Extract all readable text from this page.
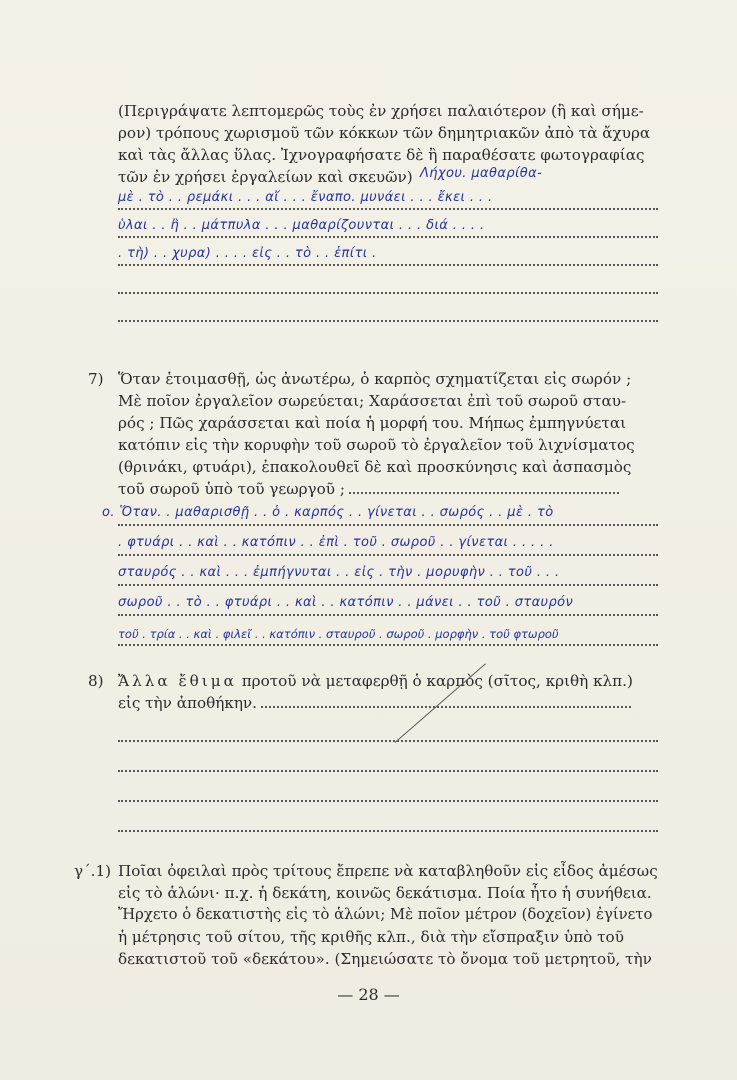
(Περιγράψατε λεπτομερῶς τοὺς ἐν χρήσει παλαιότερον (ἢ καὶ σήμε-

ρον) τρόπους χωρισμοῦ τῶν κόκκων τῶν δημητριακῶν ἀπὸ τὰ ἄχυρα

καὶ τὰς ἄλλας ὕλας. Ἰχνογραφήσατε δὲ ἢ παραθέσατε φωτογραφίας

τῶν ἐν χρήσει ἐργαλείων καὶ σκευῶν) Λήχου. μαθαρίθα-
μὲ . τὸ . . ρεμάκι . . . αἴ . . . ἔναπο. μυνάει . . . ἔκει . . .
ὑλαι . . ἢ . . μάτπυλα . . . μαθαρίζουνται . . . διά . . . .
. τὴ) . . χυρα) . . . . εἰς . . τὸ . . ἑπίτι .
7) Ὅταν ἑτοιμασθῇ, ὡς ἀνωτέρω, ὁ καρπὸς σχηματίζεται εἰς σωρόν ;

Μὲ ποῖον ἐργαλεῖον σωρεύεται; Χαράσσεται ἐπὶ τοῦ σωροῦ σταυ-

ρός ; Πῶς χαράσσεται καὶ ποία ἡ μορφή του. Μήπως ἐμπηγνύεται

κατόπιν εἰς τὴν κορυφὴν τοῦ σωροῦ τὸ ἐργαλεῖον τοῦ λιχνίσματος

(θρινάκι, φτυάρι), ἐπακολουθεῖ δὲ καὶ προσκύνησις καὶ ἀσπασμὸς

τοῦ σωροῦ ὑπὸ τοῦ γεωργοῦ ;

ο. Ὅταν. . μαθαρισθῇ . . ὁ . καρπός . . γίνεται . . σωρός . . μὲ . τὸ
. φτυάρι . . καὶ . . κατόπιν . . ἐπὶ . τοῦ . σωροῦ . . γίνεται . . . . .
σταυρός . . καὶ . . . ἐμπήγνυται . . εἰς . τὴν . μορυφὴν . . τοῦ . . .
σωροῦ . . τὸ . . φτυάρι . . καὶ . . κατόπιν . . μάνει . . τοῦ . σταυρόν
τοῦ . τρία . . καὶ . φιλεῖ . . κατόπιν . σταυροῦ . σωροῦ . μορφὴν . τοῦ φτωροῦ
8) Ἄλλα ἔθιμα προτοῦ νὰ μεταφερθῇ ὁ καρπὸς (σῖτος, κριθὴ κλπ.)

εἰς τὴν ἀποθήκην.

γ΄.1) Ποῖαι ὀφειλαὶ πρὸς τρίτους ἔπρεπε νὰ καταβληθοῦν εἰς εἶδος ἀμέσως

εἰς τὸ ἁλώνι· π.χ. ἡ δεκάτη, κοινῶς δεκάτισμα. Ποία ἦτο ἡ συνήθεια.

Ἤρχετο ὁ δεκατιστὴς εἰς τὸ ἁλώνι; Μὲ ποῖον μέτρον (δοχεῖον) ἐγίνετο

ἡ μέτρησις τοῦ σίτου, τῆς κριθῆς κλπ., διὰ τὴν εἴσπραξιν ὑπὸ τοῦ

δεκατιστοῦ τοῦ «δεκάτου». (Σημειώσατε τὸ ὄνομα τοῦ μετρητοῦ, τὴν

— 28 —
